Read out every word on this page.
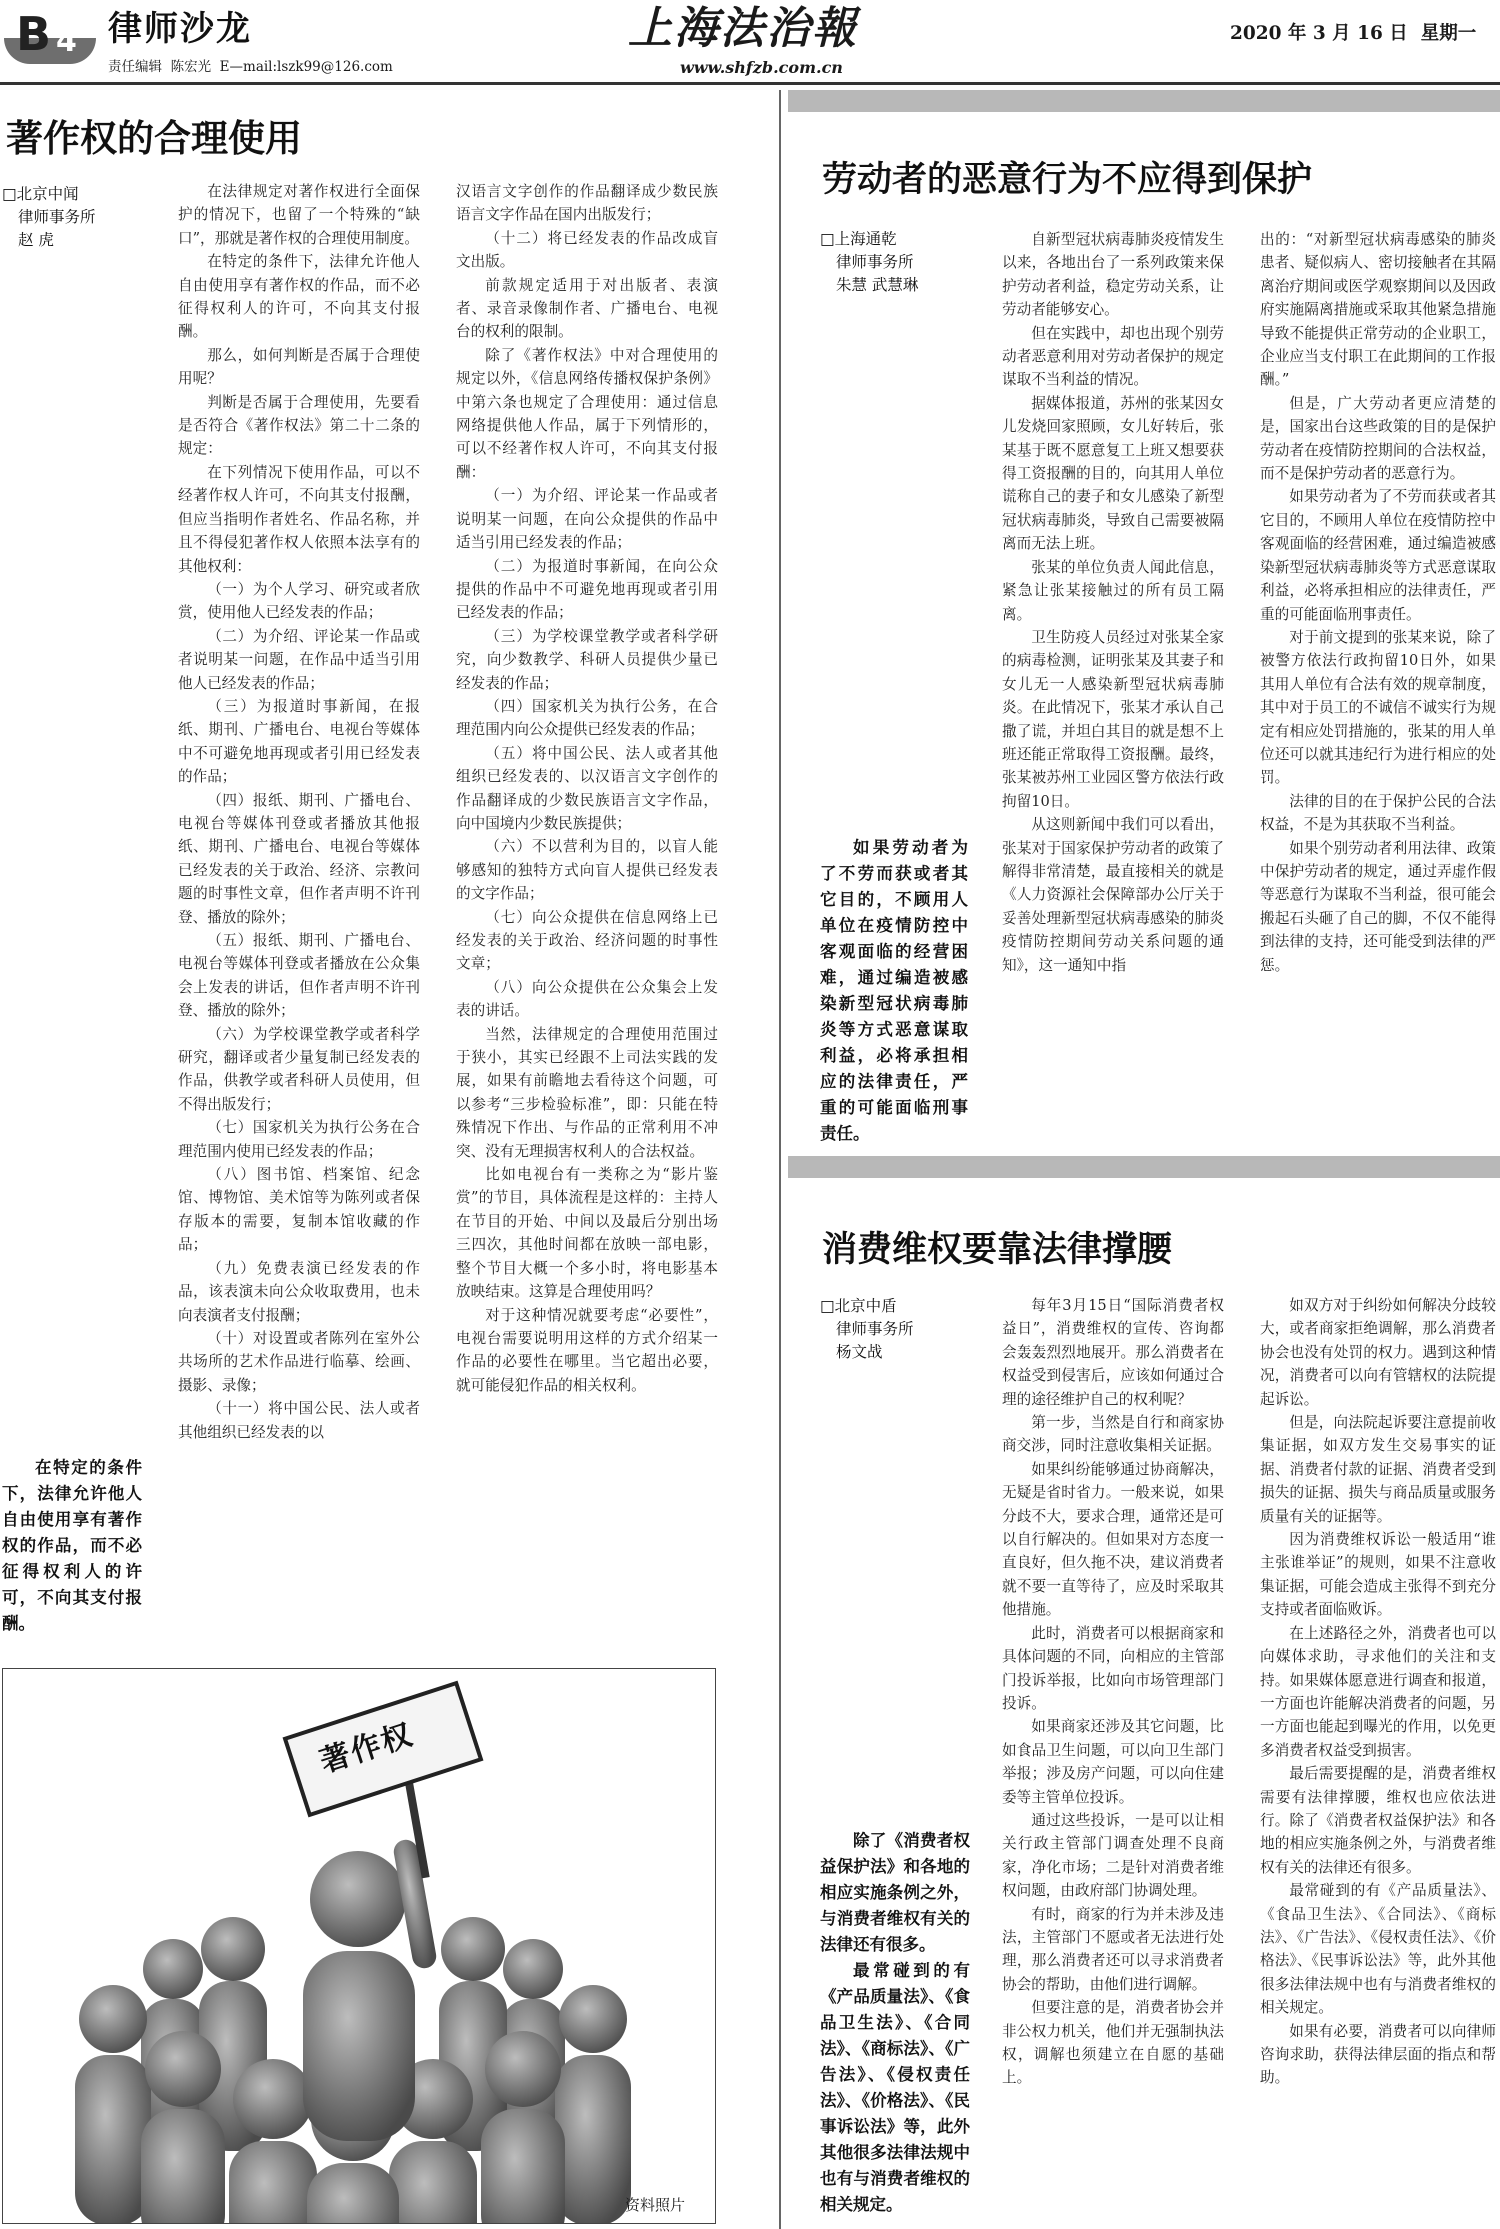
B 4 律师沙龙
责任编辑  陈宏光  E—mail:lszk99@126.com
上海法治報
www.shfzb.com.cn
2020 年 3 月 16 日  星期一
著作权的合理使用
□北京中闻
律师事务所
赵 虎
在特定的条件下，法律允许他人自由使用享有著作权的作品，而不必征得权利人的许可，不向其支付报酬。

在法律规定对著作权进行全面保护的情况下，也留了一个特殊的“缺口”，那就是著作权的合理使用制度。

在特定的条件下，法律允许他人自由使用享有著作权的作品，而不必征得权利人的许可，不向其支付报酬。

那么，如何判断是否属于合理使用呢？

判断是否属于合理使用，先要看是否符合《著作权法》第二十二条的规定：

在下列情况下使用作品，可以不经著作权人许可，不向其支付报酬，但应当指明作者姓名、作品名称，并且不得侵犯著作权人依照本法享有的其他权利：

（一）为个人学习、研究或者欣赏，使用他人已经发表的作品；

（二）为介绍、评论某一作品或者说明某一问题，在作品中适当引用他人已经发表的作品；

（三）为报道时事新闻，在报纸、期刊、广播电台、电视台等媒体中不可避免地再现或者引用已经发表的作品；

（四）报纸、期刊、广播电台、电视台等媒体刊登或者播放其他报纸、期刊、广播电台、电视台等媒体已经发表的关于政治、经济、宗教问题的时事性文章，但作者声明不许刊登、播放的除外；

（五）报纸、期刊、广播电台、电视台等媒体刊登或者播放在公众集会上发表的讲话，但作者声明不许刊登、播放的除外；

（六）为学校课堂教学或者科学研究，翻译或者少量复制已经发表的作品，供教学或者科研人员使用，但不得出版发行；

（七）国家机关为执行公务在合理范围内使用已经发表的作品；

（八）图书馆、档案馆、纪念馆、博物馆、美术馆等为陈列或者保存版本的需要，复制本馆收藏的作品；

（九）免费表演已经发表的作品，该表演未向公众收取费用，也未向表演者支付报酬；

（十）对设置或者陈列在室外公共场所的艺术作品进行临摹、绘画、摄影、录像；

（十一）将中国公民、法人或者其他组织已经发表的以

汉语言文字创作的作品翻译成少数民族语言文字作品在国内出版发行；

（十二）将已经发表的作品改成盲文出版。

前款规定适用于对出版者、表演者、录音录像制作者、广播电台、电视台的权利的限制。

除了《著作权法》中对合理使用的规定以外，《信息网络传播权保护条例》中第六条也规定了合理使用：通过信息网络提供他人作品，属于下列情形的，可以不经著作权人许可，不向其支付报酬：

（一）为介绍、评论某一作品或者说明某一问题，在向公众提供的作品中适当引用已经发表的作品；

（二）为报道时事新闻，在向公众提供的作品中不可避免地再现或者引用已经发表的作品；

（三）为学校课堂教学或者科学研究，向少数教学、科研人员提供少量已经发表的作品；

（四）国家机关为执行公务，在合理范围内向公众提供已经发表的作品；

（五）将中国公民、法人或者其他组织已经发表的、以汉语言文字创作的作品翻译成的少数民族语言文字作品，向中国境内少数民族提供；

（六）不以营利为目的，以盲人能够感知的独特方式向盲人提供已经发表的文字作品；

（七）向公众提供在信息网络上已经发表的关于政治、经济问题的时事性文章；

（八）向公众提供在公众集会上发表的讲话。

当然，法律规定的合理使用范围过于狭小，其实已经跟不上司法实践的发展，如果有前瞻地去看待这个问题，可以参考“三步检验标准”，即：只能在特殊情况下作出、与作品的正常利用不冲突、没有无理损害权利人的合法权益。

比如电视台有一类称之为“影片鉴赏”的节目，具体流程是这样的：主持人在节目的开始、中间以及最后分别出场三四次，其他时间都在放映一部电影，整个节目大概一个多小时，将电影基本放映结束。这算是合理使用吗？

对于这种情况就要考虑“必要性”，电视台需要说明用这样的方式介绍某一作品的必要性在哪里。当它超出必要，就可能侵犯作品的相关权利。

著作权
资料照片
劳动者的恶意行为不应得到保护
□上海通乾
律师事务所
朱慧 武慧琳
如果劳动者为了不劳而获或者其它目的，不顾用人单位在疫情防控中客观面临的经营困难，通过编造被感染新型冠状病毒肺炎等方式恶意谋取利益，必将承担相应的法律责任，严重的可能面临刑事责任。

自新型冠状病毒肺炎疫情发生以来，各地出台了一系列政策来保护劳动者利益，稳定劳动关系，让劳动者能够安心。

但在实践中，却也出现个别劳动者恶意利用对劳动者保护的规定谋取不当利益的情况。

据媒体报道，苏州的张某因女儿发烧回家照顾，女儿好转后，张某基于既不愿意复工上班又想要获得工资报酬的目的，向其用人单位谎称自己的妻子和女儿感染了新型冠状病毒肺炎，导致自己需要被隔离而无法上班。

张某的单位负责人闻此信息，紧急让张某接触过的所有员工隔离。

卫生防疫人员经过对张某全家的病毒检测，证明张某及其妻子和女儿无一人感染新型冠状病毒肺炎。在此情况下，张某才承认自己撒了谎，并坦白其目的就是想不上班还能正常取得工资报酬。最终，张某被苏州工业园区警方依法行政拘留10日。

从这则新闻中我们可以看出，张某对于国家保护劳动者的政策了解得非常清楚，最直接相关的就是《人力资源社会保障部办公厅关于妥善处理新型冠状病毒感染的肺炎疫情防控期间劳动关系问题的通知》，这一通知中指

出的：“对新型冠状病毒感染的肺炎患者、疑似病人、密切接触者在其隔离治疗期间或医学观察期间以及因政府实施隔离措施或采取其他紧急措施导致不能提供正常劳动的企业职工，企业应当支付职工在此期间的工作报酬。”

但是，广大劳动者更应清楚的是，国家出台这些政策的目的是保护劳动者在疫情防控期间的合法权益，而不是保护劳动者的恶意行为。

如果劳动者为了不劳而获或者其它目的，不顾用人单位在疫情防控中客观面临的经营困难，通过编造被感染新型冠状病毒肺炎等方式恶意谋取利益，必将承担相应的法律责任，严重的可能面临刑事责任。

对于前文提到的张某来说，除了被警方依法行政拘留10日外，如果其用人单位有合法有效的规章制度，其中对于员工的不诚信不诚实行为规定有相应处罚措施的，张某的用人单位还可以就其违纪行为进行相应的处罚。

法律的目的在于保护公民的合法权益，不是为其获取不当利益。

如果个别劳动者利用法律、政策中保护劳动者的规定，通过弄虚作假等恶意行为谋取不当利益，很可能会搬起石头砸了自己的脚，不仅不能得到法律的支持，还可能受到法律的严惩。

消费维权要靠法律撑腰
□北京中盾
律师事务所
杨文战

除了《消费者权益保护法》和各地的相应实施条例之外，与消费者维权有关的法律还有很多。

最常碰到的有《产品质量法》、《食品卫生法》、《合同法》、《商标法》、《广告法》、《侵权责任法》、《价格法》、《民事诉讼法》等，此外其他很多法律法规中也有与消费者维权的相关规定。

每年3月15日“国际消费者权益日”，消费维权的宣传、咨询都会轰轰烈烈地展开。那么消费者在权益受到侵害后，应该如何通过合理的途径维护自己的权利呢？

第一步，当然是自行和商家协商交涉，同时注意收集相关证据。

如果纠纷能够通过协商解决，无疑是省时省力。一般来说，如果分歧不大，要求合理，通常还是可以自行解决的。但如果对方态度一直良好，但久拖不决，建议消费者就不要一直等待了，应及时采取其他措施。

此时，消费者可以根据商家和具体问题的不同，向相应的主管部门投诉举报，比如向市场管理部门投诉。

如果商家还涉及其它问题，比如食品卫生问题，可以向卫生部门举报；涉及房产问题，可以向住建委等主管单位投诉。

通过这些投诉，一是可以让相关行政主管部门调查处理不良商家，净化市场；二是针对消费者维权问题，由政府部门协调处理。

有时，商家的行为并未涉及违法，主管部门不愿或者无法进行处理，那么消费者还可以寻求消费者协会的帮助，由他们进行调解。

但要注意的是，消费者协会并非公权力机关，他们并无强制执法权，调解也须建立在自愿的基础上。

如双方对于纠纷如何解决分歧较大，或者商家拒绝调解，那么消费者协会也没有处罚的权力。遇到这种情况，消费者可以向有管辖权的法院提起诉讼。

但是，向法院起诉要注意提前收集证据，如双方发生交易事实的证据、消费者付款的证据、消费者受到损失的证据、损失与商品质量或服务质量有关的证据等。

因为消费维权诉讼一般适用“谁主张谁举证”的规则，如果不注意收集证据，可能会造成主张得不到充分支持或者面临败诉。

在上述路径之外，消费者也可以向媒体求助，寻求他们的关注和支持。如果媒体愿意进行调查和报道，一方面也许能解决消费者的问题，另一方面也能起到曝光的作用，以免更多消费者权益受到损害。

最后需要提醒的是，消费者维权需要有法律撑腰，维权也应依法进行。除了《消费者权益保护法》和各地的相应实施条例之外，与消费者维权有关的法律还有很多。

最常碰到的有《产品质量法》、《食品卫生法》、《合同法》、《商标法》、《广告法》、《侵权责任法》、《价格法》、《民事诉讼法》等，此外其他很多法律法规中也有与消费者维权的相关规定。

如果有必要，消费者可以向律师咨询求助，获得法律层面的指点和帮助。
